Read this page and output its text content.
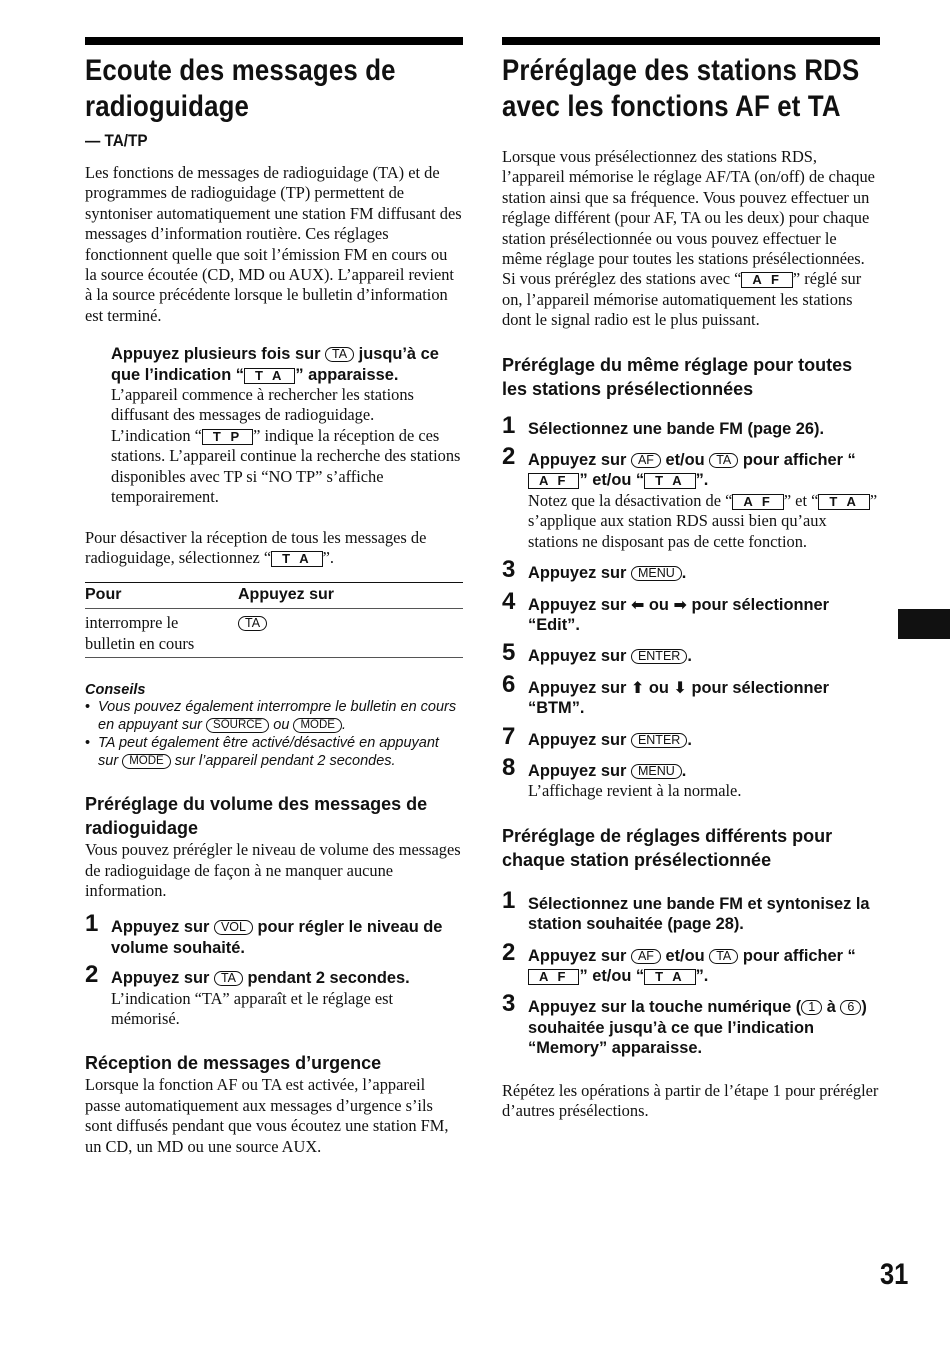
Ecoute des messages de radioguidage
— TA/TP

Les fonctions de messages de radioguidage (TA) et de programmes de radioguidage (TP) permettent de syntoniser automatiquement une station FM diffusant des messages d’information routière. Ces réglages fonctionnent quelle que soit l’émission FM en cours ou la source écoutée (CD, MD ou AUX). L’appareil revient à la source précédente lorsque le bulletin d’information est terminé.

Appuyez plusieurs fois sur TA jusqu’à ce que l’indication “ T A ” apparaisse.

L’appareil commence à rechercher les stations diffusant des messages de radioguidage.

L’indication “ T P ” indique la réception de ces stations. L’appareil continue la recherche des stations disponibles avec TP si “NO TP” s’affiche temporairement.

Pour désactiver la réception de tous les messages de radioguidage, sélectionnez “ T A ”.

Pour	Appuyez sur
interrompre le bulletin en cours	TA
Conseils
• Vous pouvez également interrompre le bulletin en cours en appuyant sur SOURCE ou MODE .
• TA peut également être activé/désactivé en appuyant sur MODE sur l’appareil pendant 2 secondes.
Préréglage du volume des messages de radioguidage

Vous pouvez prérégler le niveau de volume des messages de radioguidage de façon à ne manquer aucune information.

1 Appuyez sur VOL pour régler le niveau de volume souhaité.
2 Appuyez sur TA pendant 2 secondes.

L’indication “TA” apparaît et le réglage est mémorisé.

Réception de messages d’urgence

Lorsque la fonction AF ou TA est activée, l’appareil passe automatiquement aux messages d’urgence s’ils sont diffusés pendant que vous écoutez une station FM, un CD, un MD ou une source AUX.

Préréglage des stations RDS avec les fonctions AF et TA

Lorsque vous présélectionnez des stations RDS, l’appareil mémorise le réglage AF/TA (on/off) de chaque station ainsi que sa fréquence. Vous pouvez effectuer un réglage différent (pour AF, TA ou les deux) pour chaque station présélectionnée ou vous pouvez effectuer le même réglage pour toutes les stations présélectionnées. Si vous préréglez des stations avec “ A F ” réglé sur on, l’appareil mémorise automatiquement les stations dont le signal radio est le plus puissant.

Préréglage du même réglage pour toutes les stations présélectionnées
1 Sélectionnez une bande FM (page 26).
2 Appuyez sur AF et/ou TA pour afficher “A F ” et/ou “ T A ”.

Notez que la désactivation de “ A F ” et “ T A ” s’applique aux station RDS aussi bien qu’aux stations ne disposant pas de cette fonction.

3 Appuyez sur MENU .
4 Appuyez sur ⬅ ou ➡ pour sélectionner “Edit”.
5 Appuyez sur ENTER .
6 Appuyez sur ⬆ ou ⬇ pour sélectionner “BTM”.
7 Appuyez sur ENTER .
8 Appuyez sur MENU .

L’affichage revient à la normale.

Préréglage de réglages différents pour chaque station présélectionnée
1 Sélectionnez une bande FM et syntonisez la station souhaitée (page 28).
2 Appuyez sur AF et/ou TA pour afficher “A F ” et/ou “ T A ”.
3 Appuyez sur la touche numérique ( 1 à 6 ) souhaitée jusqu’à ce que l’indication “Memory” apparaisse.

Répétez les opérations à partir de l’étape 1 pour prérégler d’autres présélections.

31
